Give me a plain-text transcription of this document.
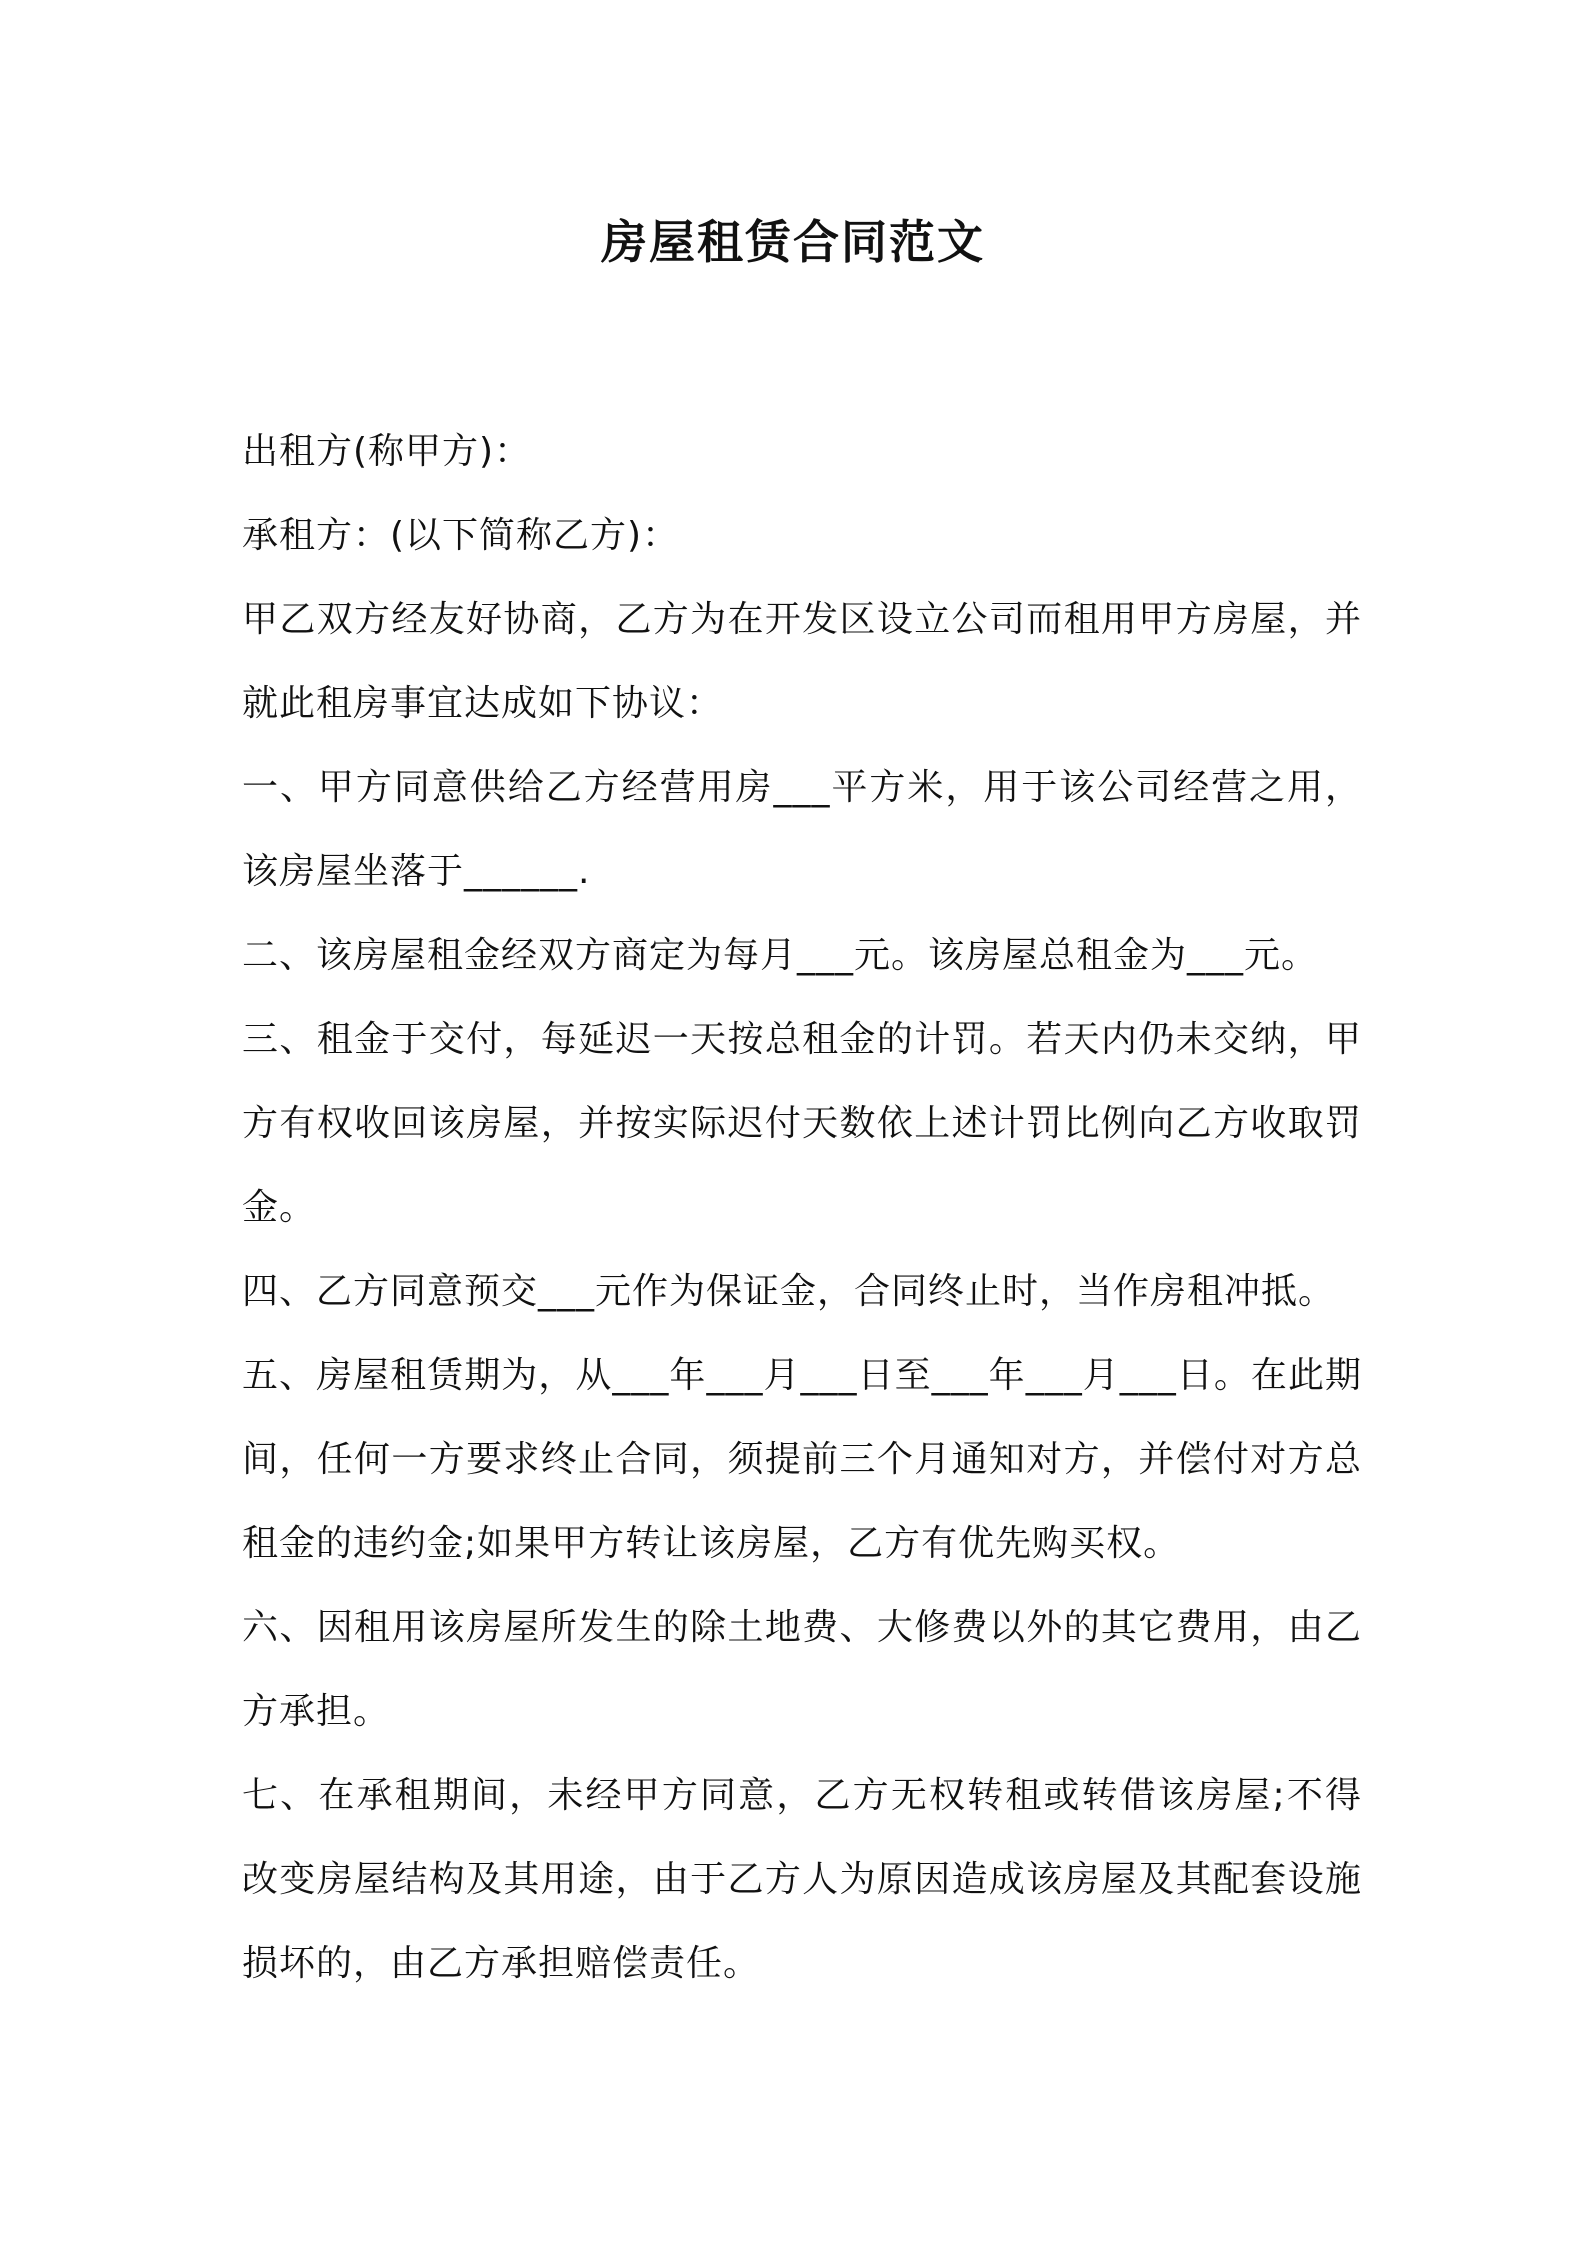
房屋租赁合同范文

出租方(称甲方)：

承租方：(以下简称乙方)：

甲乙双方经友好协商，乙方为在开发区设立公司而租用甲方房屋，并就此租房事宜达成如下协议：

一、甲方同意供给乙方经营用房___平方米，用于该公司经营之用，该房屋坐落于______.

二、该房屋租金经双方商定为每月___元。该房屋总租金为___元。

三、租金于交付，每延迟一天按总租金的计罚。若天内仍未交纳，甲方有权收回该房屋，并按实际迟付天数依上述计罚比例向乙方收取罚金。

四、乙方同意预交___元作为保证金，合同终止时，当作房租冲抵。

五、房屋租赁期为，从___年___月___日至___年___月___日。在此期间，任何一方要求终止合同，须提前三个月通知对方，并偿付对方总租金的违约金;如果甲方转让该房屋，乙方有优先购买权。

六、因租用该房屋所发生的除土地费、大修费以外的其它费用，由乙方承担。

七、在承租期间，未经甲方同意，乙方无权转租或转借该房屋;不得改变房屋结构及其用途，由于乙方人为原因造成该房屋及其配套设施损坏的，由乙方承担赔偿责任。
